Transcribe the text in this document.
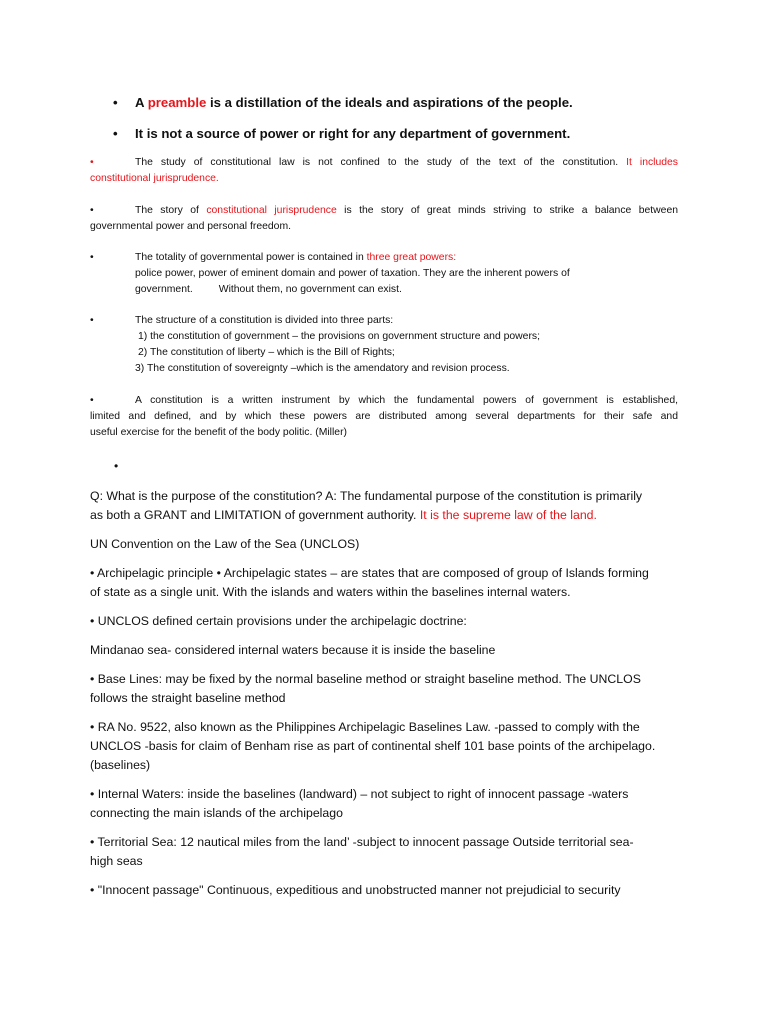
• A preamble is a distillation of the ideals and aspirations of the people.
• It is not a source of power or right for any department of government.
•	The study of constitutional law is not confined to the study of the text of the constitution. It includes

constitutional jurisprudence.

•	The story of constitutional jurisprudence is the story of great minds striving to strike a balance between

governmental power and personal freedom.

•	The totality of governmental power is contained in three great powers:

police power, power of eminent domain and power of taxation. They are the inherent powers of

government.	Without them, no government can exist.

•	The structure of a constitution is divided into three parts:

1) the constitution of government – the provisions on government structure and powers;

2) The constitution of liberty – which is the Bill of Rights;

3) The constitution of sovereignty –which is the amendatory and revision process.

•	A constitution is a written instrument by which the fundamental powers of government is established,

limited and defined, and by which these powers are distributed among several departments for their safe and

useful exercise for the benefit of the body politic. (Miller)

•

Q: What is the purpose of the constitution? A: The fundamental purpose of the constitution is primarily

as both a GRANT and LIMITATION of government authority. It is the supreme law of the land.

UN Convention on the Law of the Sea (UNCLOS)

• Archipelagic principle • Archipelagic states – are states that are composed of group of Islands forming

of state as a single unit. With the islands and waters within the baselines internal waters.

• UNCLOS defined certain provisions under the archipelagic doctrine:

Mindanao sea- considered internal waters because it is inside the baseline

• Base Lines: may be fixed by the normal baseline method or straight baseline method. The UNCLOS

follows the straight baseline method

• RA No. 9522, also known as the Philippines Archipelagic Baselines Law. -passed to comply with the

UNCLOS -basis for claim of Benham rise as part of continental shelf 101 base points of the archipelago.

(baselines)

• Internal Waters: inside the baselines (landward) – not subject to right of innocent passage -waters

connecting the main islands of the archipelago

• Territorial Sea: 12 nautical miles from the land’ -subject to innocent passage Outside territorial sea-

high seas

• "Innocent passage" Continuous, expeditious and unobstructed manner not prejudicial to security
